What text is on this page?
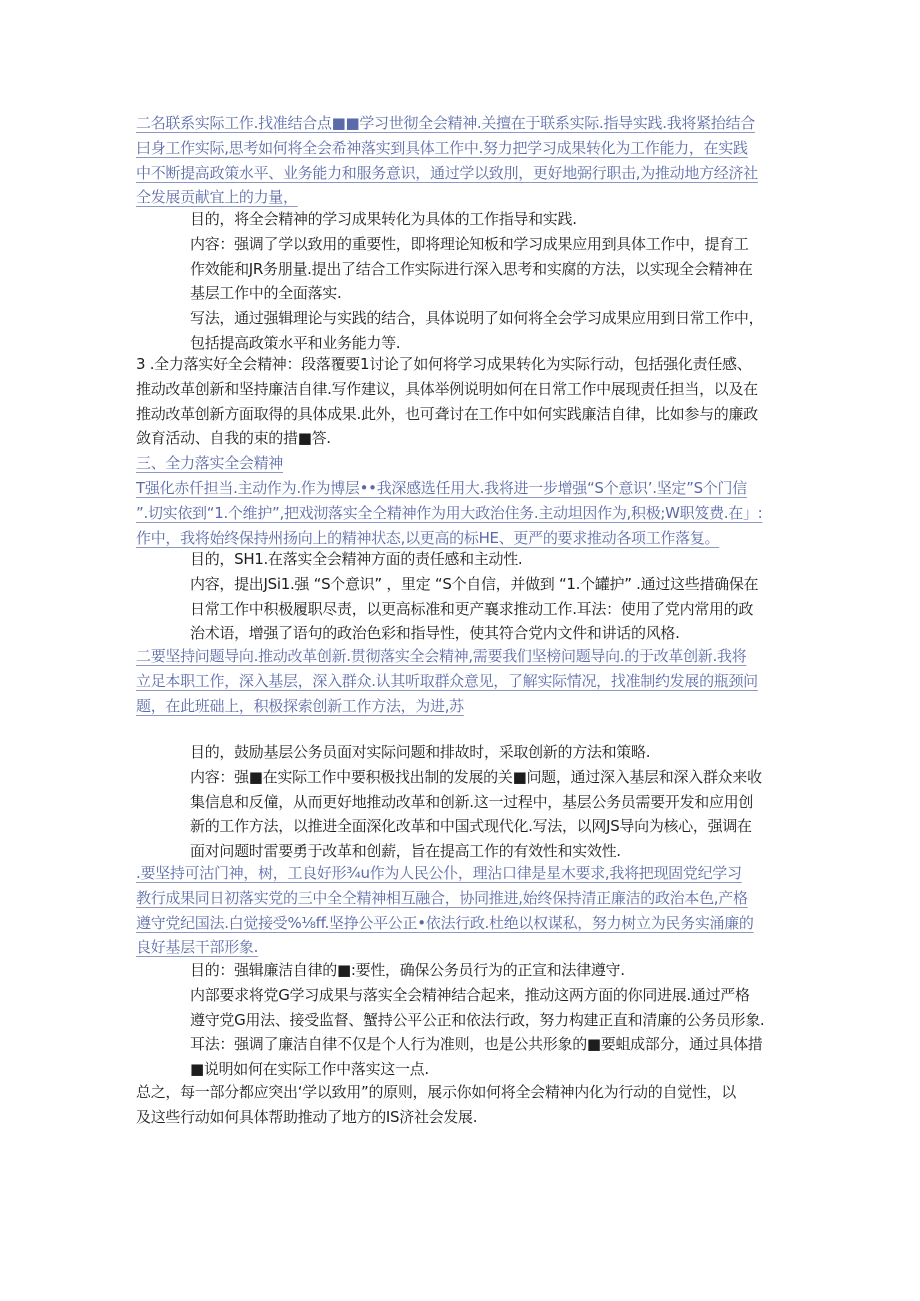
二名联系实际工作.找准结合点■■学习世彻全会精神.关擅在于联系实际.指导实践.我将紧抬结合
曰身工作实际,思考如何将全会希神落实到具体工作中.努力把学习成果转化为工作能力，在实践
中不断提高政策水平、业务能力和服务意识，通过学以致刖，更好地弼行职击,为推动地方经济社
仝发展贡献宜上的力量，
目的，将全会精神的学习成果转化为具体的工作指导和实践.
内容：强调了学以致用的重要性，即将理论知板和学习成果应用到具体工作中，提育工
作效能和JR务朋量.提出了结合工作实际进行深入思考和实腐的方法，以实现全会精神在
基层工作中的全面落实.
写法，通过强辑理论与实践的结合，具体说明了如何将全会学习成果应用到日常工作中，
包括提高政策水平和业务能力等.
3 .全力落实好全会精神：段落覆要1讨论了如何将学习成果转化为实际行动，包括强化责任感、
推动改革创新和坚持廉洁自律.写作建议，具体举例说明如何在日常工作中展现责任担当，以及在
推动改革创新方面取得的具体成果.此外，也可聋讨在工作中如何实践廉洁自律，比如参与的廉政
敛育活动、自我的束的措■答.
三、全力落实全会精神
T强化赤仟担当.主动作为.作为博层••我深感选任用大.我将进一步增强“S个意识’.坚定”S个门信
”.切实依到“1.个维护”,把戏沏落实全仝精神作为用大政治住务.主动坦因作为,积极;W职笈费.在」:
作中，我将始终保持州扬向上的精神状态,以更高的标HE、更严的要求推动各项工作落复。
目的，SH1.在落实全会精神方面的责任感和主动性.
内容，提出JSi1.强 “S个意识” ，里定 “S个自信，并做到 “1.个罐护” .通过这些措确保在
日常工作中积极履职尽责，以更高标准和更产襄求推动工作.耳法：使用了党内常用的政
治术语，增强了语句的政治色彩和指导性，使其符合党内文件和讲话的风格.
二要坚持问题导向.推动改革创新.贯彻落实全会精神,需要我们坚榜问题导向.的于改革创新.我将
立足本职工作，深入基层，深入群众.认其听取群众意见，了解实际情况，找准制约发展的瓶颈问
题，在此班础上，积极探索创新工作方法，为进,苏
目的，鼓励基层公务员面对实际问题和排故时，采取创新的方法和策略.
内容：强■在实际工作中要积极找出制的发展的关■问题，通过深入基层和深入群众来收
集信息和反僮，从而更好地推动改革和创新.这一过程中，基层公务员需要开发和应用创
新的工作方法，以推进全面深化改革和中国式现代化.写法，以网JS导向为核心，强调在
面对问题时雷要勇于改革和创薪，旨在提高工作的有效性和实效性.
.要坚持可沽门神，树，工良好形¾u作为人民公仆，理沾口律是星木要求,我将把现固党纪学习
教行成果同日初落实党的三中全仝精神相互融合，协同推进,始终保持清正廉洁的政治本色,产格
遵守党纪国法.白觉接受%⅛ff.坚挣公平公正•依法行政.杜绝以权谋私，努力树立为民务实涌廉的
良好基层干部形象.
目的：强辑廉洁自律的■:要性，确保公务员行为的正宣和法律遵守.
内部要求将党G学习成果与落实全会精神结合起来，推动这两方面的你同进展.通过严格
遵守党G用法、接受监督、蟹持公平公正和依法行政，努力构建正直和清廉的公务员形象.
耳法：强调了廉洁自律不仅是个人行为准则，也是公共形象的■要蛆成部分，通过具体措
■说明如何在实际工作中落实这一点.
总之，每一部分都应突出‘学以致用”的原则，展示你如何将全会精神内化为行动的自觉性，以
及这些行动如何具体帮助推动了地方的IS济社会发展.
